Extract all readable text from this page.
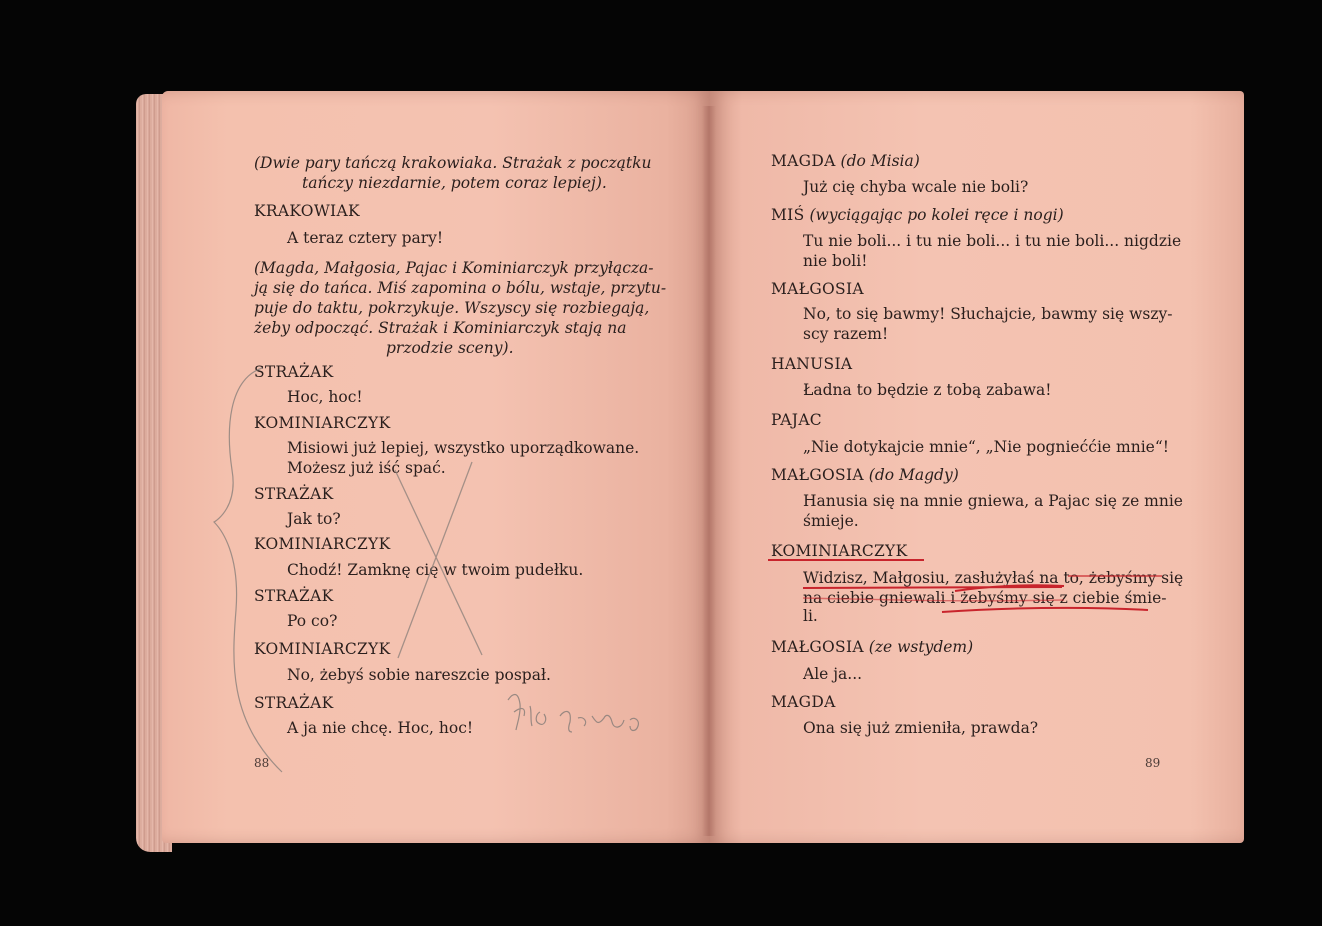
(Dwie pary tańczą krakowiaka. Strażak z początku

tańczy niezdarnie, potem coraz lepiej).

KRAKOWIAK

A teraz cztery pary!

(Magda, Małgosia, Pajac i Kominiarczyk przyłącza-

ją się do tańca. Miś zapomina o bólu, wstaje, przytu-

puje do taktu, pokrzykuje. Wszyscy się rozbiegają,

żeby odpocząć. Strażak i Kominiarczyk stają na

przodzie sceny).

STRAŻAK

Hoc, hoc!

KOMINIARCZYK

Misiowi już lepiej, wszystko uporządkowane.

Możesz już iść spać.

STRAŻAK

Jak to?

KOMINIARCZYK

Chodź! Zamknę cię w twoim pudełku.

STRAŻAK

Po co?

KOMINIARCZYK

No, żebyś sobie nareszcie pospał.

STRAŻAK

A ja nie chcę. Hoc, hoc!

88

MAGDA (do Misia)

Już cię chyba wcale nie boli?

MIŚ (wyciągając po kolei ręce i nogi)

Tu nie boli... i tu nie boli... i tu nie boli... nigdzie

nie boli!

MAŁGOSIA

No, to się bawmy! Słuchajcie, bawmy się wszy-

scy razem!

HANUSIA

Ładna to będzie z tobą zabawa!

PAJAC

„Nie dotykajcie mnie“, „Nie pognieććie mnie“!

MAŁGOSIA (do Magdy)

Hanusia się na mnie gniewa, a Pajac się ze mnie

śmieje.

KOMINIARCZYK

Widzisz, Małgosiu, zasłużyłaś na to, żebyśmy się

na ciebie gniewali i żebyśmy się z ciebie śmie-

li.

MAŁGOSIA (ze wstydem)

Ale ja...

MAGDA

Ona się już zmieniła, prawda?

89
